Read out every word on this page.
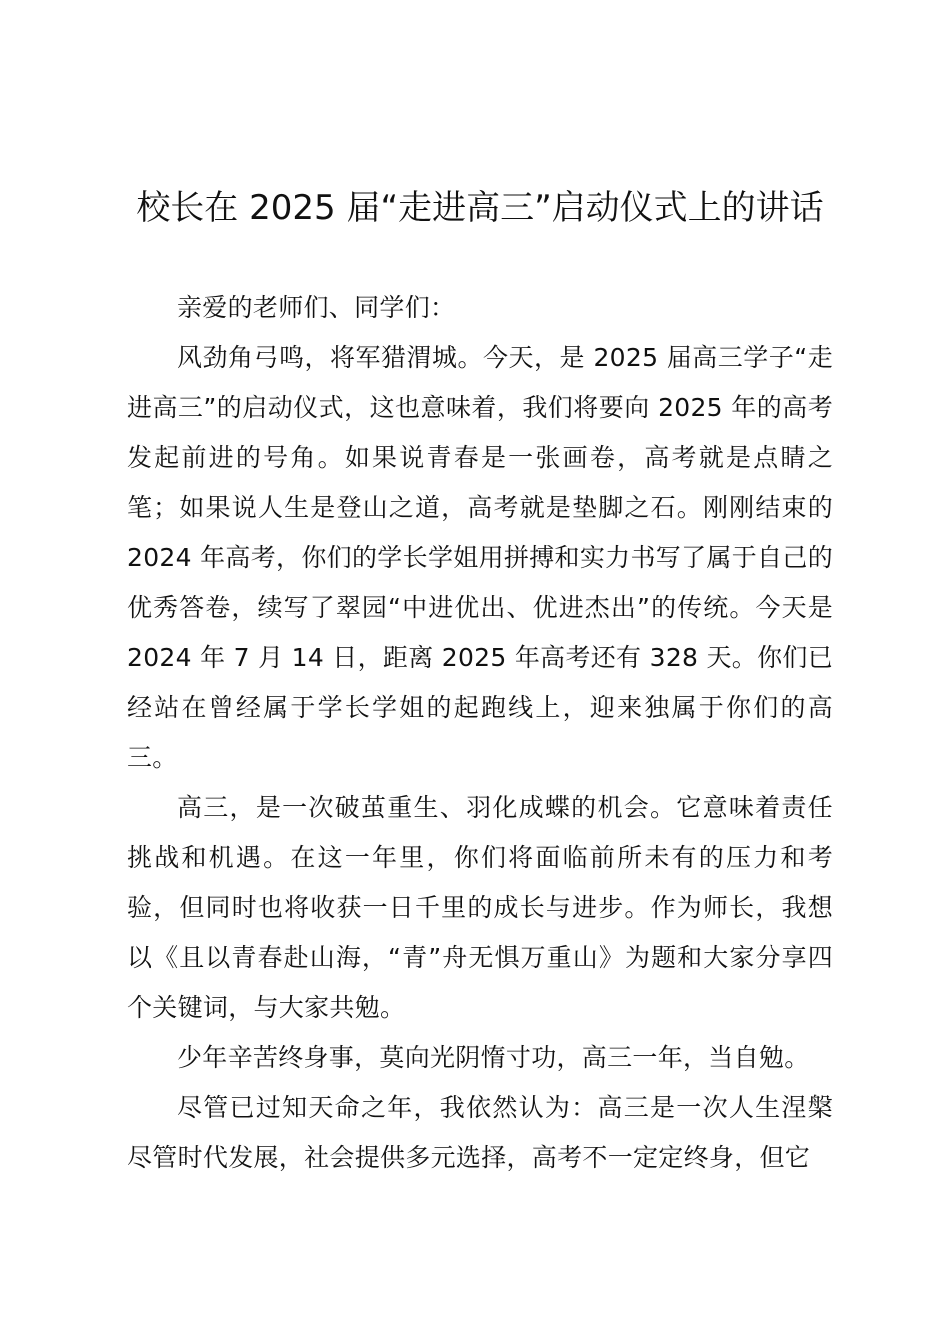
校长在 2025 届“走进高三”启动仪式上的讲话

亲爱的老师们、同学们：

风劲角弓鸣，将军猎渭城。今天，是 2025 届高三学子“走进高三”的启动仪式，这也意味着，我们将要向 2025 年的高考发起前进的号角。如果说青春是一张画卷，高考就是点睛之笔；如果说人生是登山之道，高考就是垫脚之石。刚刚结束的 2024 年高考，你们的学长学姐用拼搏和实力书写了属于自己的优秀答卷，续写了翠园“中进优出、优进杰出”的传统。今天是 2024 年 7 月 14 日，距离 2025 年高考还有 328 天。你们已经站在曾经属于学长学姐的起跑线上，迎来独属于你们的高三。

高三，是一次破茧重生、羽化成蝶的机会。它意味着责任挑战和机遇。在这一年里，你们将面临前所未有的压力和考验，但同时也将收获一日千里的成长与进步。作为师长，我想以《且以青春赴山海，“青”舟无惧万重山》为题和大家分享四个关键词，与大家共勉。

少年辛苦终身事，莫向光阴惰寸功，高三一年，当自勉。

尽管已过知天命之年，我依然认为：高三是一次人生涅槃尽管时代发展，社会提供多元选择，高考不一定定终身，但它
